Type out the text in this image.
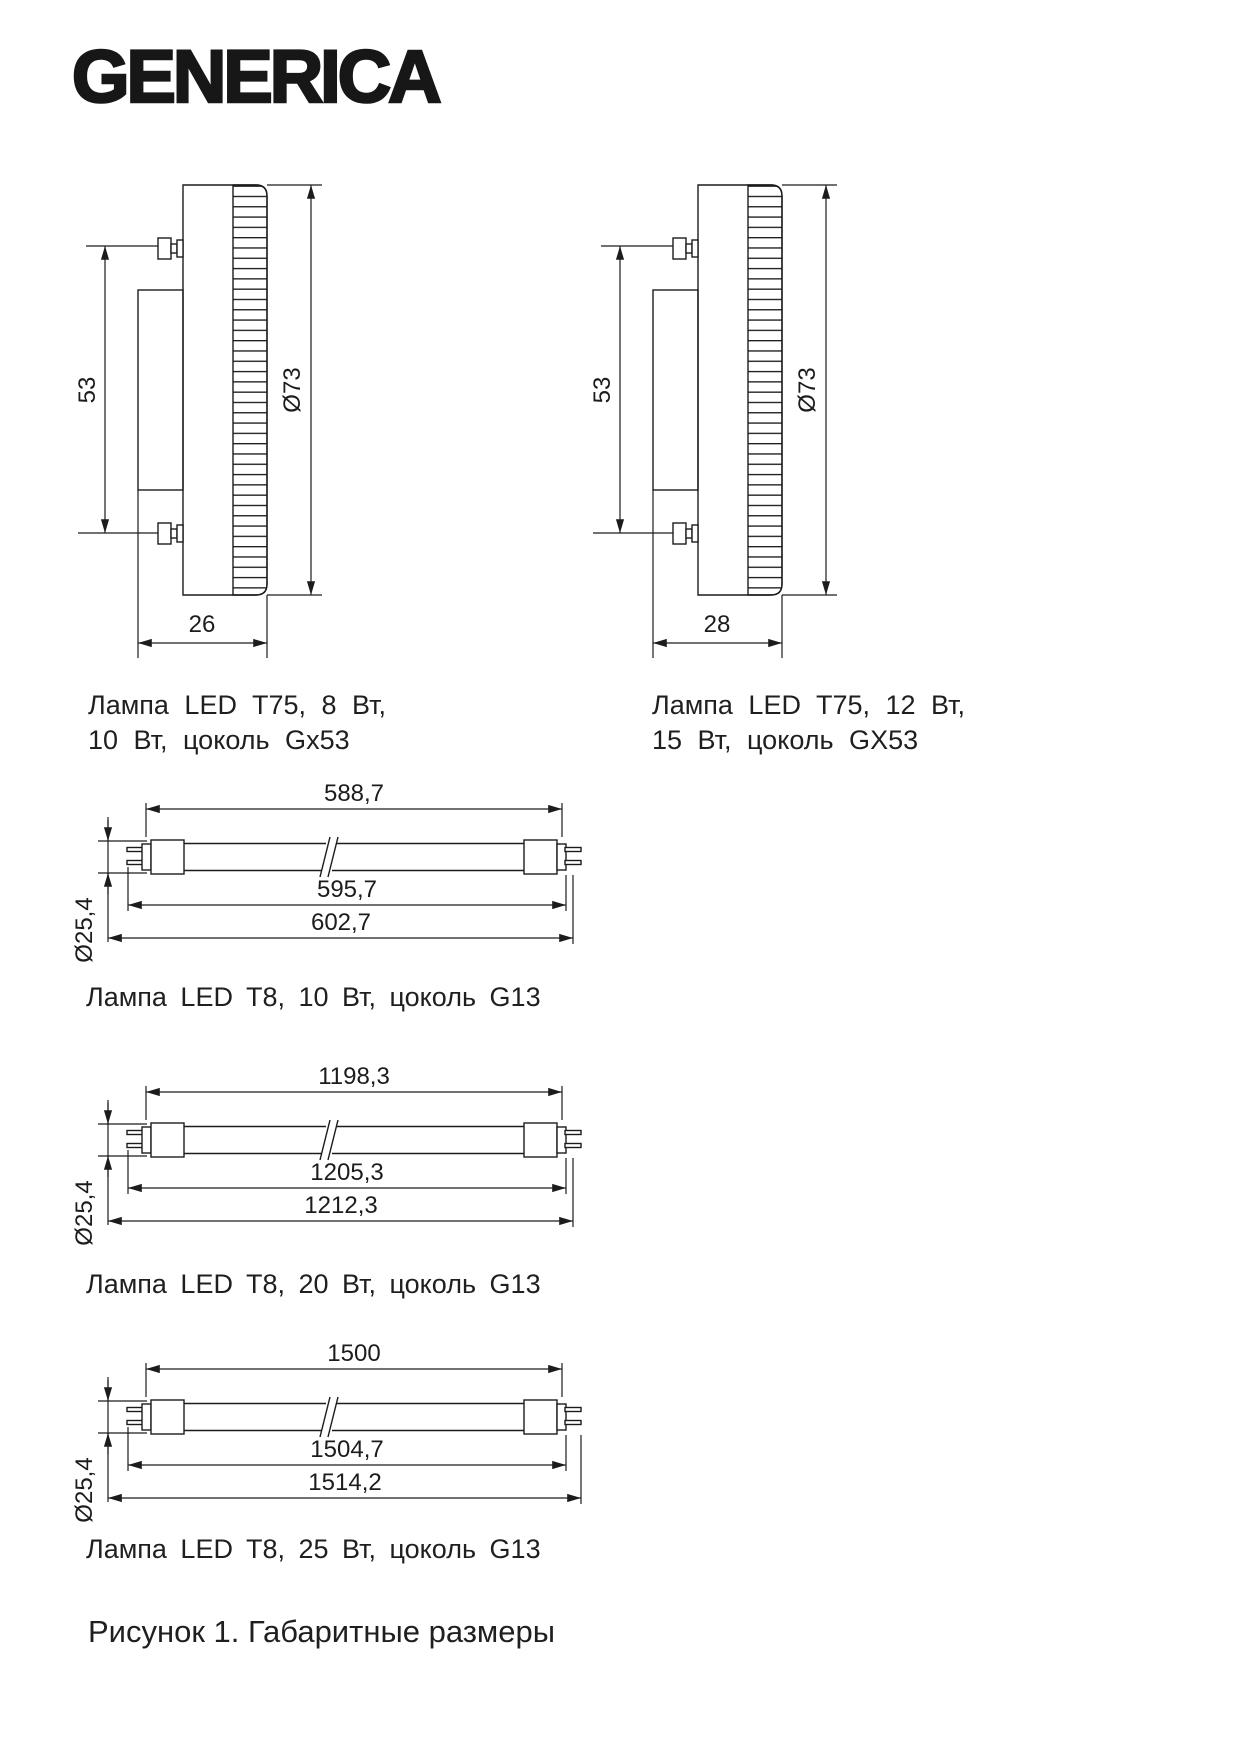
GENERICA
53	Ø73
26
53	Ø73
28
Лампа LED T75, 8 Вт,
10 Вт, цоколь Gx53
Лампа LED T75, 12 Вт,
15 Вт, цоколь GX53
588,7
Ø25,4
595,7
602,7
Лампа LED T8, 10 Вт, цоколь G13
1198,3
Ø25,4
1205,3
1212,3
Лампа LED T8, 20 Вт, цоколь G13
1500
Ø25,4
1504,7
1514,2
Лампа LED T8, 25 Вт, цоколь G13
Рисунок 1. Габаритные размеры
